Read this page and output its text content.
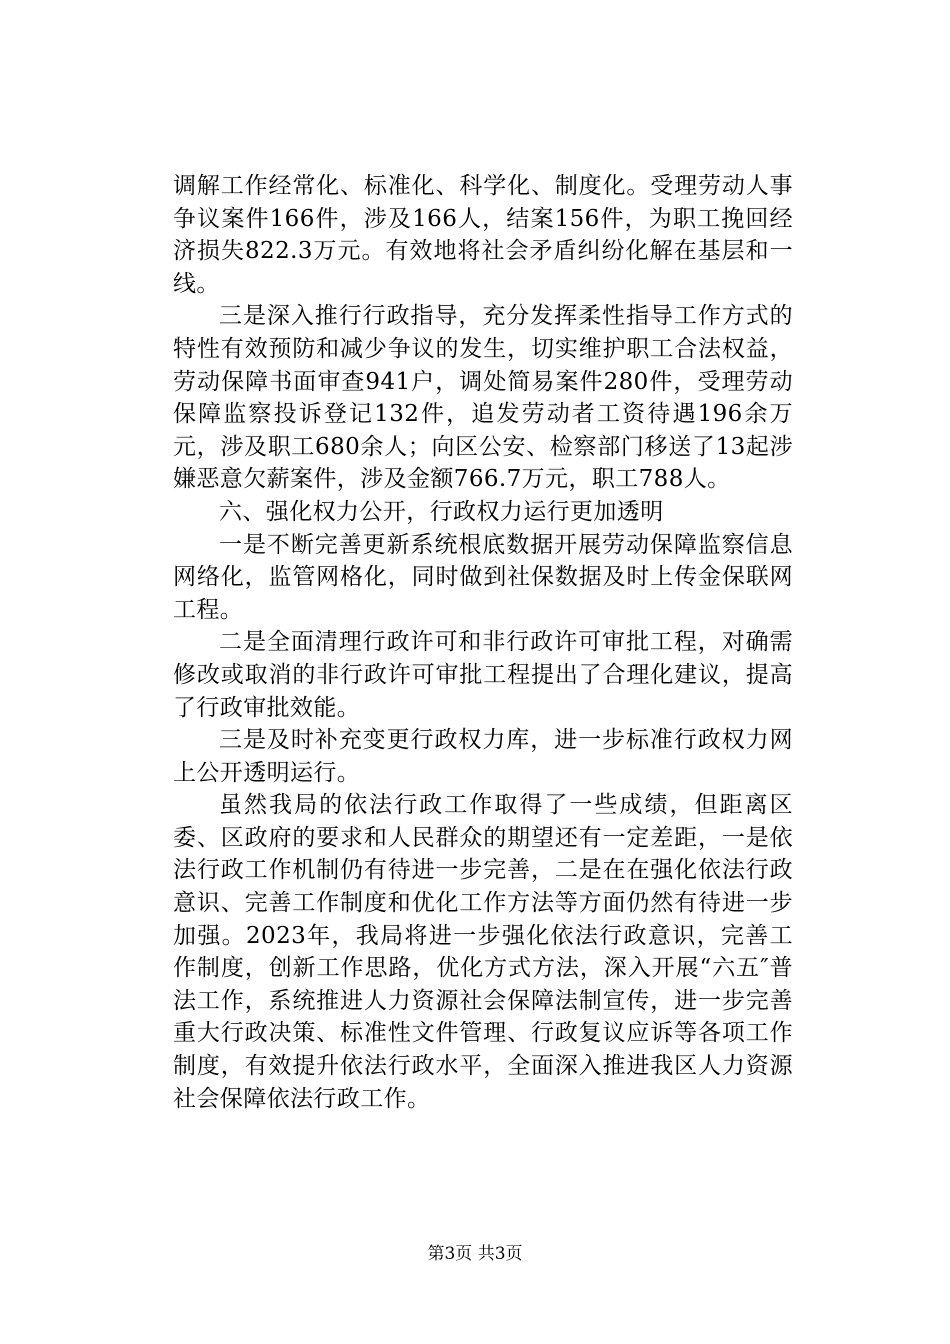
调解工作经常化、标准化、科学化、制度化。受理劳动人事争议案件166件，涉及166人，结案156件，为职工挽回经济损失822.3万元。有效地将社会矛盾纠纷化解在基层和一线。

三是深入推行行政指导，充分发挥柔性指导工作方式的特性有效预防和减少争议的发生，切实维护职工合法权益，劳动保障书面审查941户，调处简易案件280件，受理劳动保障监察投诉登记132件，追发劳动者工资待遇196余万元，涉及职工680余人；向区公安、检察部门移送了13起涉嫌恶意欠薪案件，涉及金额766.7万元，职工788人。

六、强化权力公开，行政权力运行更加透明

一是不断完善更新系统根底数据开展劳动保障监察信息网络化，监管网格化，同时做到社保数据及时上传金保联网工程。

二是全面清理行政许可和非行政许可审批工程，对确需修改或取消的非行政许可审批工程提出了合理化建议，提高了行政审批效能。

三是及时补充变更行政权力库，进一步标准行政权力网上公开透明运行。

虽然我局的依法行政工作取得了一些成绩，但距离区委、区政府的要求和人民群众的期望还有一定差距，一是依法行政工作机制仍有待进一步完善，二是在在强化依法行政意识、完善工作制度和优化工作方法等方面仍然有待进一步加强。2023年，我局将进一步强化依法行政意识，完善工作制度，创新工作思路，优化方式方法，深入开展“六五″普法工作，系统推进人力资源社会保障法制宣传，进一步完善重大行政决策、标准性文件管理、行政复议应诉等各项工作制度，有效提升依法行政水平，全面深入推进我区人力资源社会保障依法行政工作。

第3页 共3页
